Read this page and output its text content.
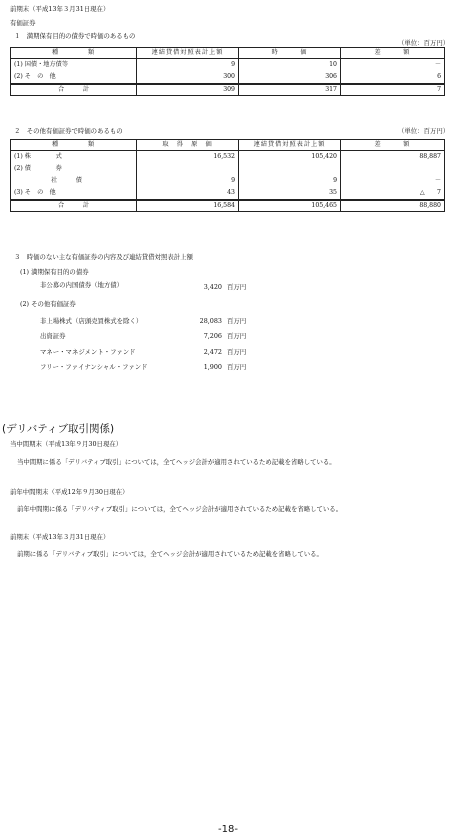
前期末（平成13年３月31日現在）
有価証券
１　満期保有目的の債券で時価のあるもの
（単位：百万円）
種　　　　類	連結貸借対照表計上額	時　　　価	差　　　額
(1) 国債・地方債等	9	10	－
(2) そ　の　他	300	306	6
合　　　計	309	317	7
２　その他有価証券で時価のあるもの	（単位：百万円）
種　　　　類	取　得　原　価	連結貸借対照表計上額	差　　　額
(1) 株　　　　式	16,532	105,420	88,887
(2) 債　　　　券			
社　　　債	9	9	－
(3) そ　の　他	43	35	△　　7
合　　　計	16,584	105,465	88,880
３　時価のない主な有価証券の内容及び連結貸借対照表計上額
(1) 満期保有目的の債券
非公募の内国債券（地方債）	3,420 百万円
(2) その他有価証券
非上場株式（店頭売買株式を除く）	28,083 百万円
出資証券	7,206 百万円
マネー・マネジメント・ファンド	2,472 百万円
フリー・ファイナンシャル・ファンド	1,900 百万円
(デリバティブ取引関係)
当中間期末（平成13年９月30日現在）
当中間期に係る「デリバティブ取引」については，全てヘッジ会計が適用されているため記載を省略している。
前年中間期末（平成12年９月30日現在）
前年中間期に係る「デリバティブ取引」については，全てヘッジ会計が適用されているため記載を省略している。
前期末（平成13年３月31日現在）
前期に係る「デリバティブ取引」については，全てヘッジ会計が適用されているため記載を省略している。
-18-
